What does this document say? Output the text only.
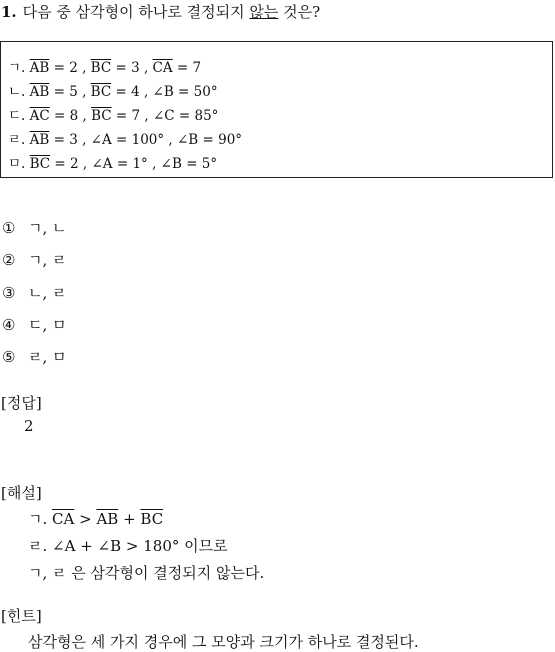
1. 다음 중 삼각형이 하나로 결정되지 않는 것은?
ㄱ. $\overline{AB} = 2$ , $\overline{BC} = 3$ , $\overline{CA} = 7$
ㄴ. $\overline{AB} = 5$ , $\overline{BC} = 4$ , ∠B = 50°
ㄷ. $\overline{AC} = 8$ , $\overline{BC} = 7$ , ∠C = 85°
ㄹ. $\overline{AB} = 3$ , ∠A = 100° , ∠B = 90°
ㅁ. $\overline{BC} = 2$ , ∠A = 1° , ∠B = 5°
① ㄱ, ㄴ
② ㄱ, ㄹ
③ ㄴ, ㄹ
④ ㄷ, ㅁ
⑤ ㄹ, ㅁ
[정답]
2
[해설]
ㄱ. $\overline{CA} > \overline{AB} + \overline{BC}$
ㄹ. ∠A + ∠B > 180° 이므로
ㄱ, ㄹ 은 삼각형이 결정되지 않는다.
[힌트]
삼각형은 세 가지 경우에 그 모양과 크기가 하나로 결정된다.
